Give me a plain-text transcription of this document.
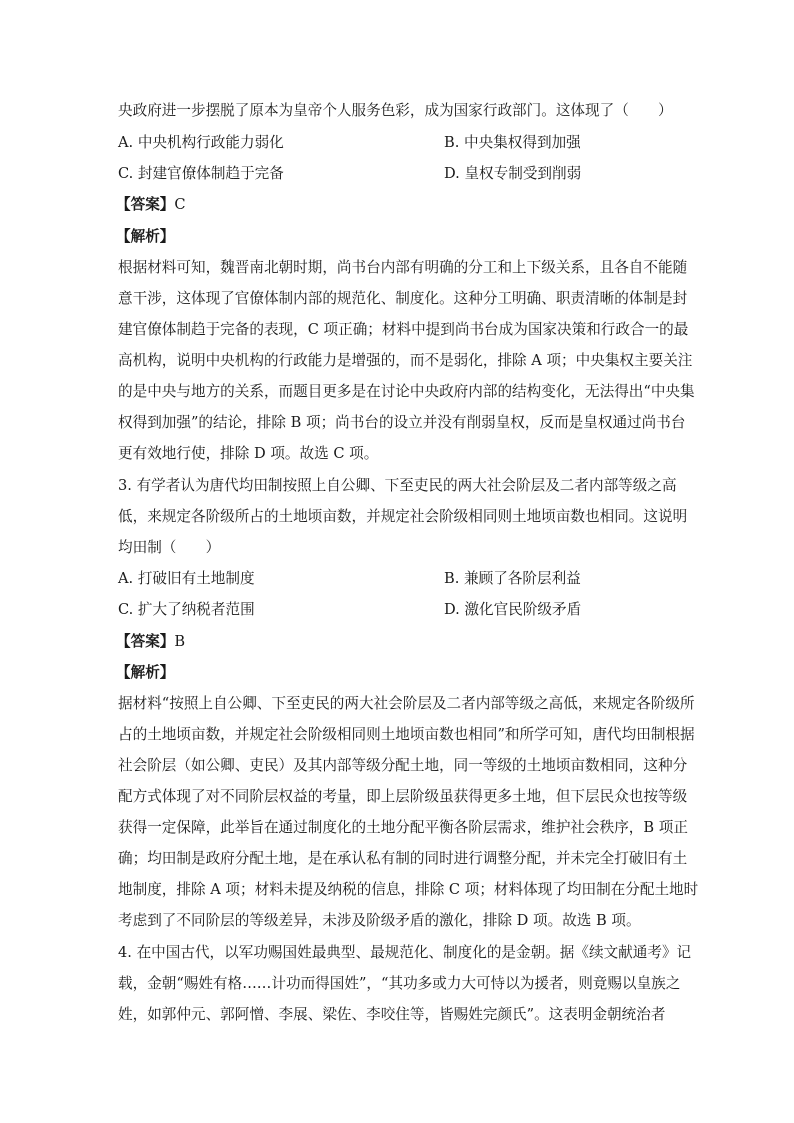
央政府进一步摆脱了原本为皇帝个人服务色彩，成为国家行政部门。这体现了（　　）
A. 中央机构行政能力弱化	B. 中央集权得到加强
C. 封建官僚体制趋于完备	D. 皇权专制受到削弱
【答案】C
【解析】
根据材料可知，魏晋南北朝时期，尚书台内部有明确的分工和上下级关系，且各自不能随
意干涉，这体现了官僚体制内部的规范化、制度化。这种分工明确、职责清晰的体制是封
建官僚体制趋于完备的表现，C 项正确；材料中提到尚书台成为国家决策和行政合一的最
高机构，说明中央机构的行政能力是增强的，而不是弱化，排除 A 项；中央集权主要关注
的是中央与地方的关系，而题目更多是在讨论中央政府内部的结构变化，无法得出“中央集
权得到加强”的结论，排除 B 项；尚书台的设立并没有削弱皇权，反而是皇权通过尚书台
更有效地行使，排除 D 项。故选 C 项。
3. 有学者认为唐代均田制按照上自公卿、下至吏民的两大社会阶层及二者内部等级之高
低，来规定各阶级所占的土地顷亩数，并规定社会阶级相同则土地顷亩数也相同。这说明
均田制（　　）
A. 打破旧有土地制度	B. 兼顾了各阶层利益
C. 扩大了纳税者范围	D. 激化官民阶级矛盾
【答案】B
【解析】
据材料“按照上自公卿、下至吏民的两大社会阶层及二者内部等级之高低，来规定各阶级所
占的土地顷亩数，并规定社会阶级相同则土地顷亩数也相同”和所学可知，唐代均田制根据
社会阶层（如公卿、吏民）及其内部等级分配土地，同一等级的土地顷亩数相同，这种分
配方式体现了对不同阶层权益的考量，即上层阶级虽获得更多土地，但下层民众也按等级
获得一定保障，此举旨在通过制度化的土地分配平衡各阶层需求，维护社会秩序，B 项正
确；均田制是政府分配土地，是在承认私有制的同时进行调整分配，并未完全打破旧有土
地制度，排除 A 项；材料未提及纳税的信息，排除 C 项；材料体现了均田制在分配土地时
考虑到了不同阶层的等级差异，未涉及阶级矛盾的激化，排除 D 项。故选 B 项。
4. 在中国古代，以军功赐国姓最典型、最规范化、制度化的是金朝。据《续文献通考》记
载，金朝“赐姓有格……计功而得国姓”，“其功多或力大可恃以为援者，则竟赐以皇族之
姓，如郭仲元、郭阿憎、李展、梁佐、李咬住等，皆赐姓完颜氏”。这表明金朝统治者
